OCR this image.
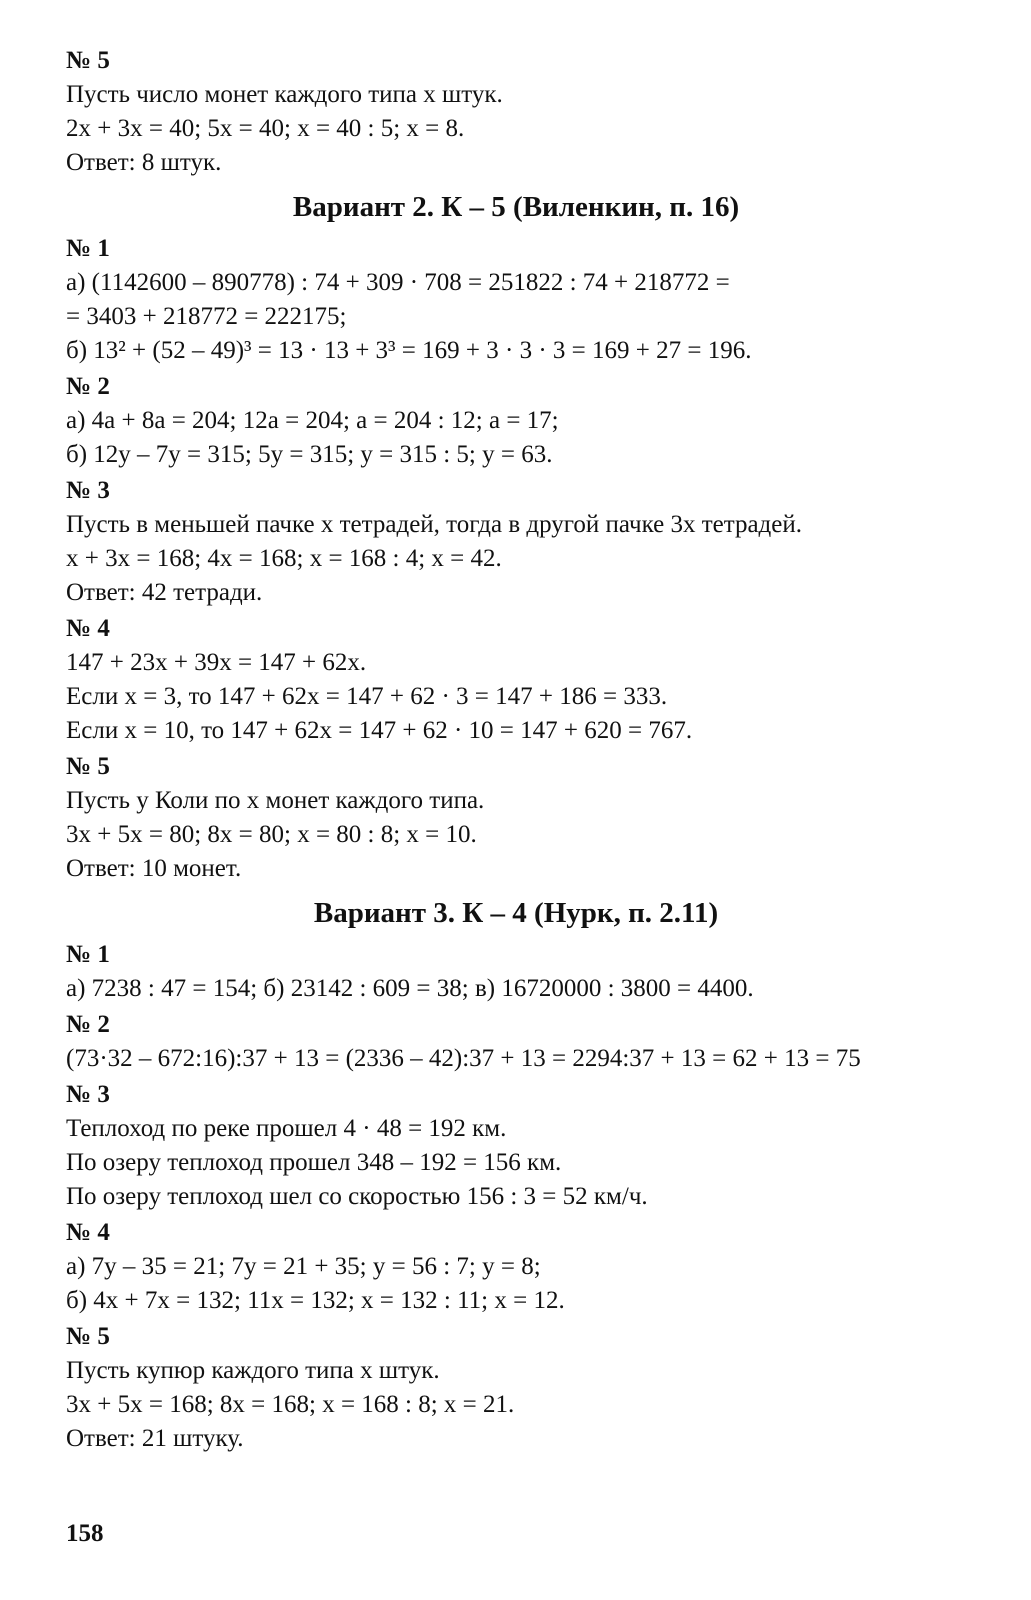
№ 5
Пусть число монет каждого типа x штук.
2x + 3x = 40; 5x = 40; x = 40 : 5; x = 8.
Ответ: 8 штук.
Вариант 2. К – 5 (Виленкин, п. 16)
№ 1
а) (1142600 – 890778) : 74 + 309 · 708 = 251822 : 74 + 218772 =
= 3403 + 218772 = 222175;
б) 13² + (52 – 49)³ = 13 · 13 + 3³ = 169 + 3 · 3 · 3 = 169 + 27 = 196.
№ 2
а) 4a + 8a = 204; 12a = 204; a = 204 : 12; a = 17;
б) 12y – 7y = 315; 5y = 315; y = 315 : 5; y = 63.
№ 3
Пусть в меньшей пачке x тетрадей, тогда в другой пачке 3x тетрадей.
x + 3x = 168; 4x = 168; x = 168 : 4; x = 42.
Ответ: 42 тетради.
№ 4
147 + 23x + 39x = 147 + 62x.
Если x = 3, то 147 + 62x = 147 + 62 · 3 = 147 + 186 = 333.
Если x = 10, то 147 + 62x = 147 + 62 · 10 = 147 + 620 = 767.
№ 5
Пусть у Коли по x монет каждого типа.
3x + 5x = 80; 8x = 80; x = 80 : 8; x = 10.
Ответ: 10 монет.
Вариант 3. К – 4 (Нурк, п. 2.11)
№ 1
а) 7238 : 47 = 154; б) 23142 : 609 = 38; в) 16720000 : 3800 = 4400.
№ 2
(73·32 – 672:16):37 + 13 = (2336 – 42):37 + 13 = 2294:37 + 13 = 62 + 13 = 75
№ 3
Теплоход по реке прошел 4 · 48 = 192 км.
По озеру теплоход прошел 348 – 192 = 156 км.
По озеру теплоход шел со скоростью 156 : 3 = 52 км/ч.
№ 4
а) 7y – 35 = 21; 7y = 21 + 35; y = 56 : 7; y = 8;
б) 4x + 7x = 132; 11x = 132; x = 132 : 11; x = 12.
№ 5
Пусть купюр каждого типа x штук.
3x + 5x = 168; 8x = 168; x = 168 : 8; x = 21.
Ответ: 21 штуку.
158
